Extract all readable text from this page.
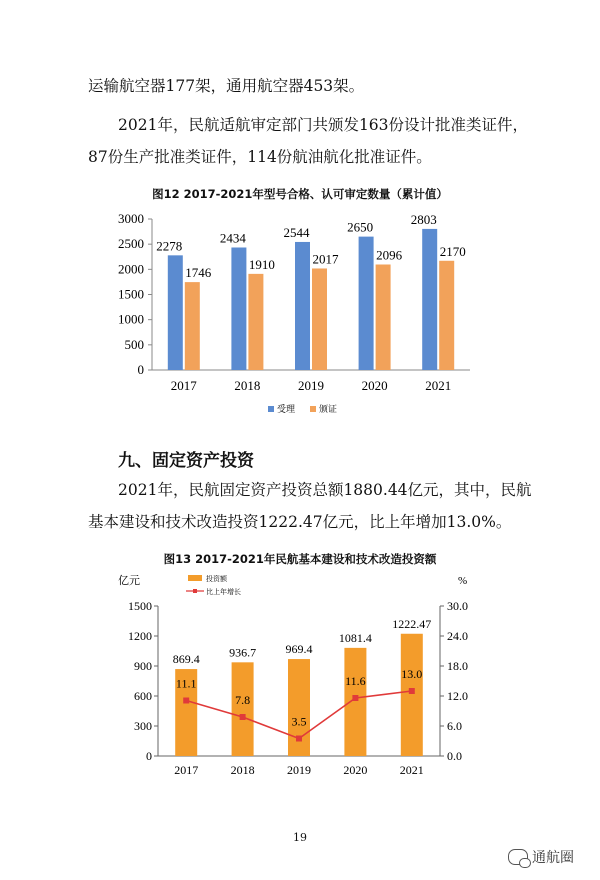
运输航空器177架，通用航空器453架。
2021年，民航适航审定部门共颁发163份设计批准类证件，
87份生产批准类证件，114份航油航化批准证件。
图12 2017-2021年型号合格、认可审定数量（累计值）
0
500
1000
1500
2000
2500
3000
2278
1746
2017
2434
1910
2018
2544
2017
2019
2650
2096
2020
2803
2170
2021
受理	颁证
九、固定资产投资
2021年，民航固定资产投资总额1880.44亿元，其中，民航
基本建设和技术改造投资1222.47亿元，比上年增加13.0%。
图13 2017-2021年民航基本建设和技术改造投资额
亿元	%
0
300
600
900
1200
1500
0.0
6.0
12.0
18.0
24.0
30.0
869.4
2017
936.7
2018
969.4
2019
1081.4
2020
1222.47
2021
11.1
7.8
3.5
11.6	13.0
投资额
比上年增长
19
通航圈
